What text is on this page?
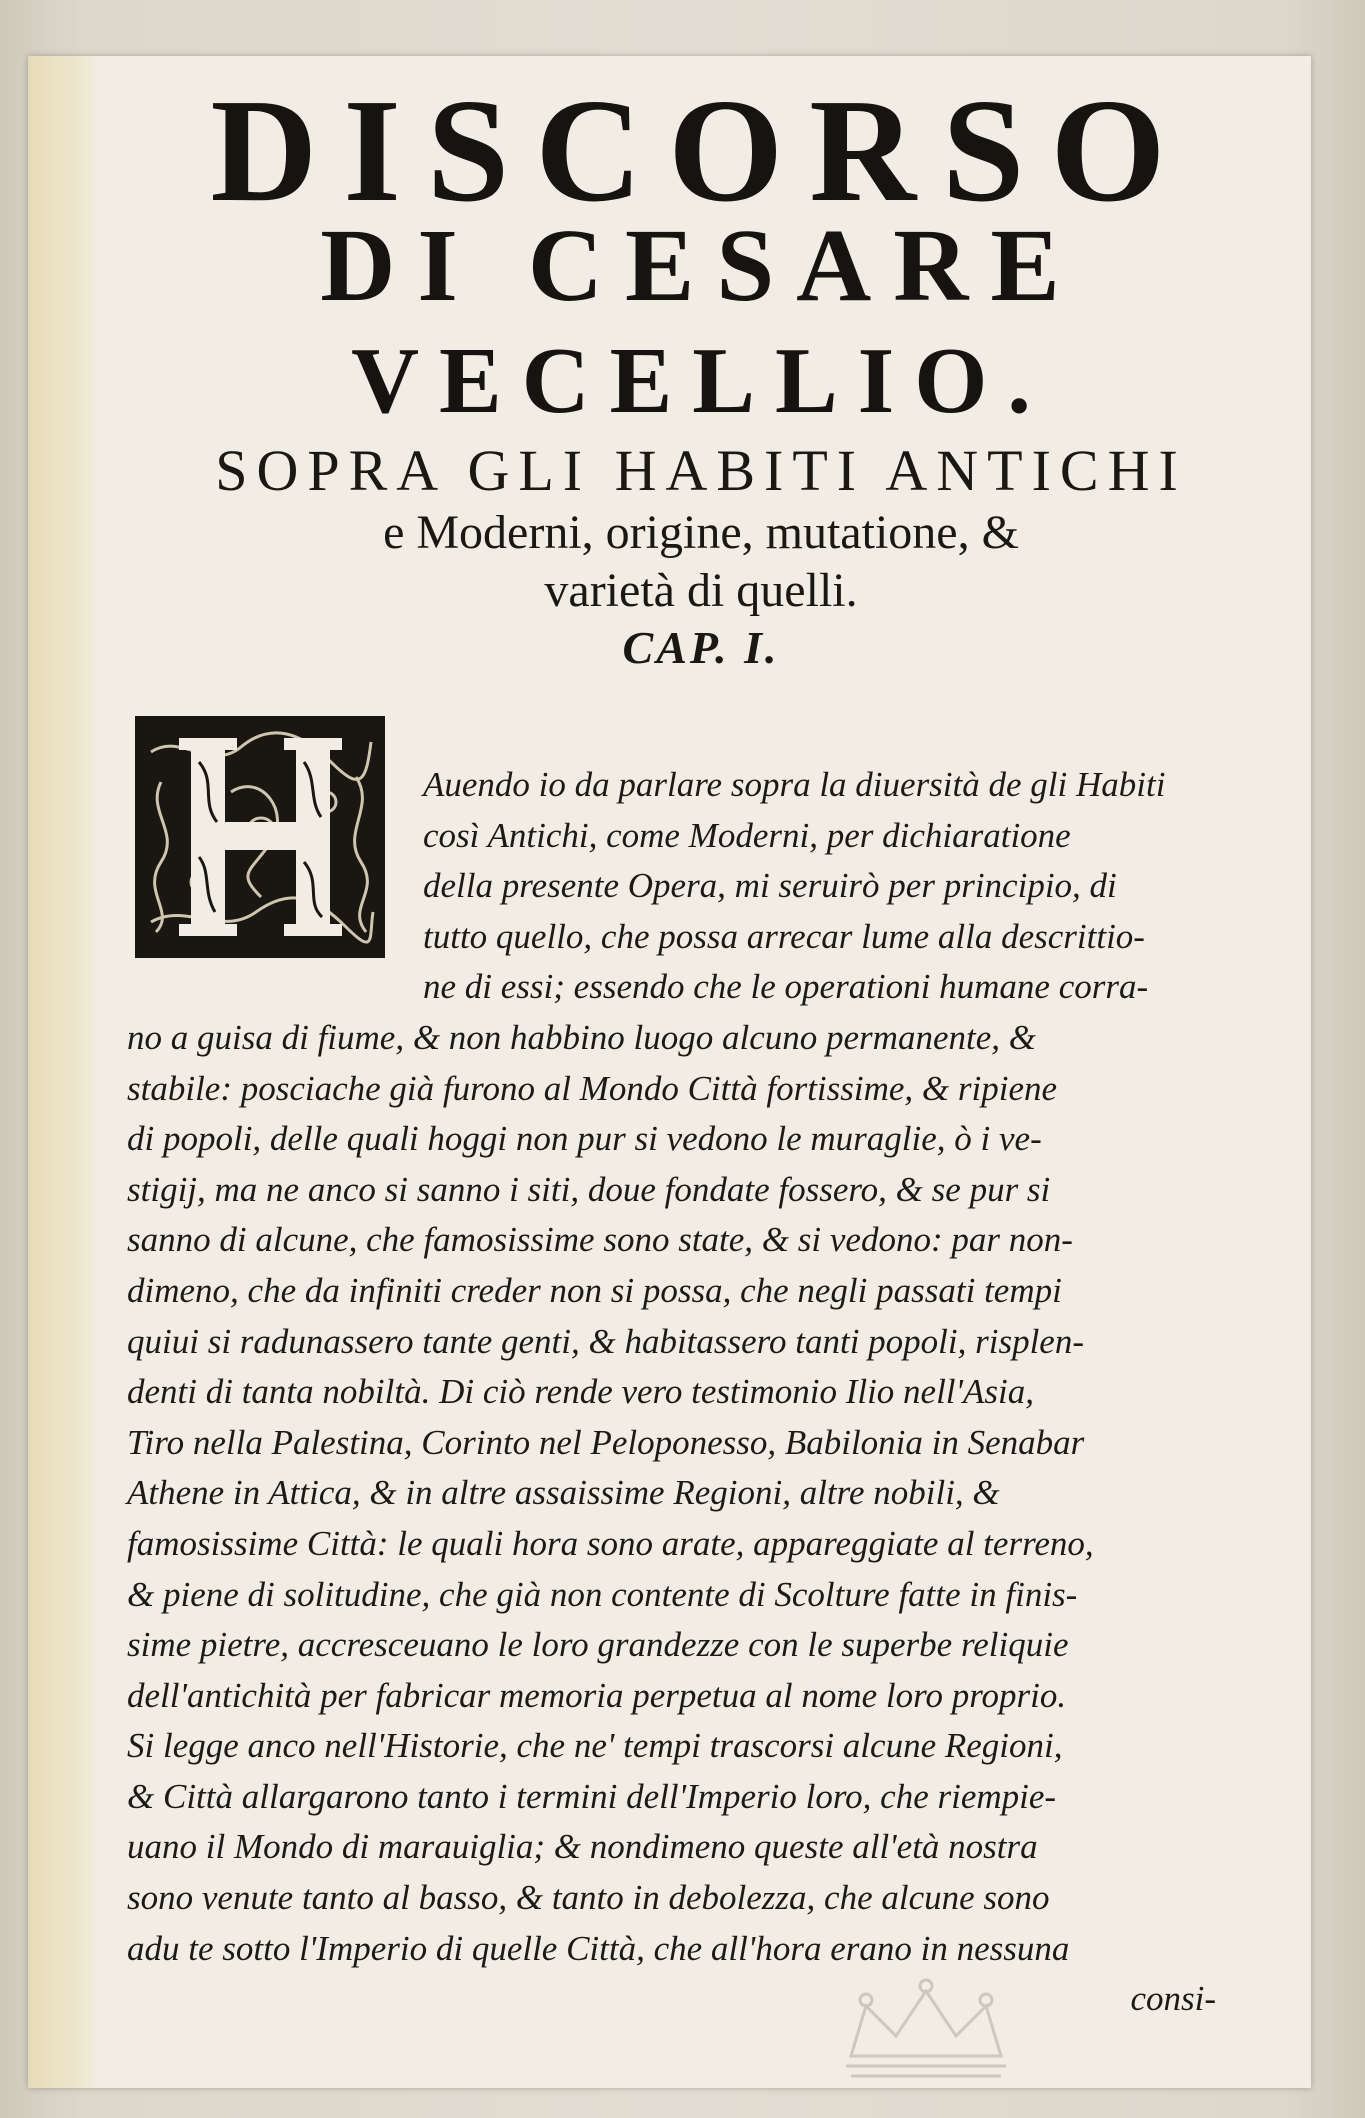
DISCORSO
DI CESARE
VECELLIO.
SOPRA GLI HABITI ANTICHI
e Moderni, origine, mutatione, &
varietà di quelli.
CAP. I.
Auendo io da parlare sopra la diuersità de gli Habiti
così Antichi, come Moderni, per dichiaratione
della presente Opera, mi seruirò per principio, di
tutto quello, che possa arrecar lume alla descrittio-
ne di essi; essendo che le operationi humane corra-
no a guisa di fiume, & non habbino luogo alcuno permanente, &
stabile: posciache già furono al Mondo Città fortissime, & ripiene
di popoli, delle quali hoggi non pur si vedono le muraglie, ò i ve-
stigij, ma ne anco si sanno i siti, doue fondate fossero, & se pur si
sanno di alcune, che famosissime sono state, & si vedono: par non-
dimeno, che da infiniti creder non si possa, che negli passati tempi
quiui si radunassero tante genti, & habitassero tanti popoli, risplen-
denti di tanta nobiltà. Di ciò rende vero testimonio Ilio nell'Asia,
Tiro nella Palestina, Corinto nel Peloponesso, Babilonia in Senabar
Athene in Attica, & in altre assaissime Regioni, altre nobili, &
famosissime Città: le quali hora sono arate, appareggiate al terreno,
& piene di solitudine, che già non contente di Scolture fatte in finis-
sime pietre, accresceuano le loro grandezze con le superbe reliquie
dell'antichità per fabricar memoria perpetua al nome loro proprio.
Si legge anco nell'Historie, che ne' tempi trascorsi alcune Regioni,
& Città allargarono tanto i termini dell'Imperio loro, che riempie-
uano il Mondo di marauiglia; & nondimeno queste all'età nostra
sono venute tanto al basso, & tanto in debolezza, che alcune sono
adu te sotto l'Imperio di quelle Città, che all'hora erano in nessuna
consi-
